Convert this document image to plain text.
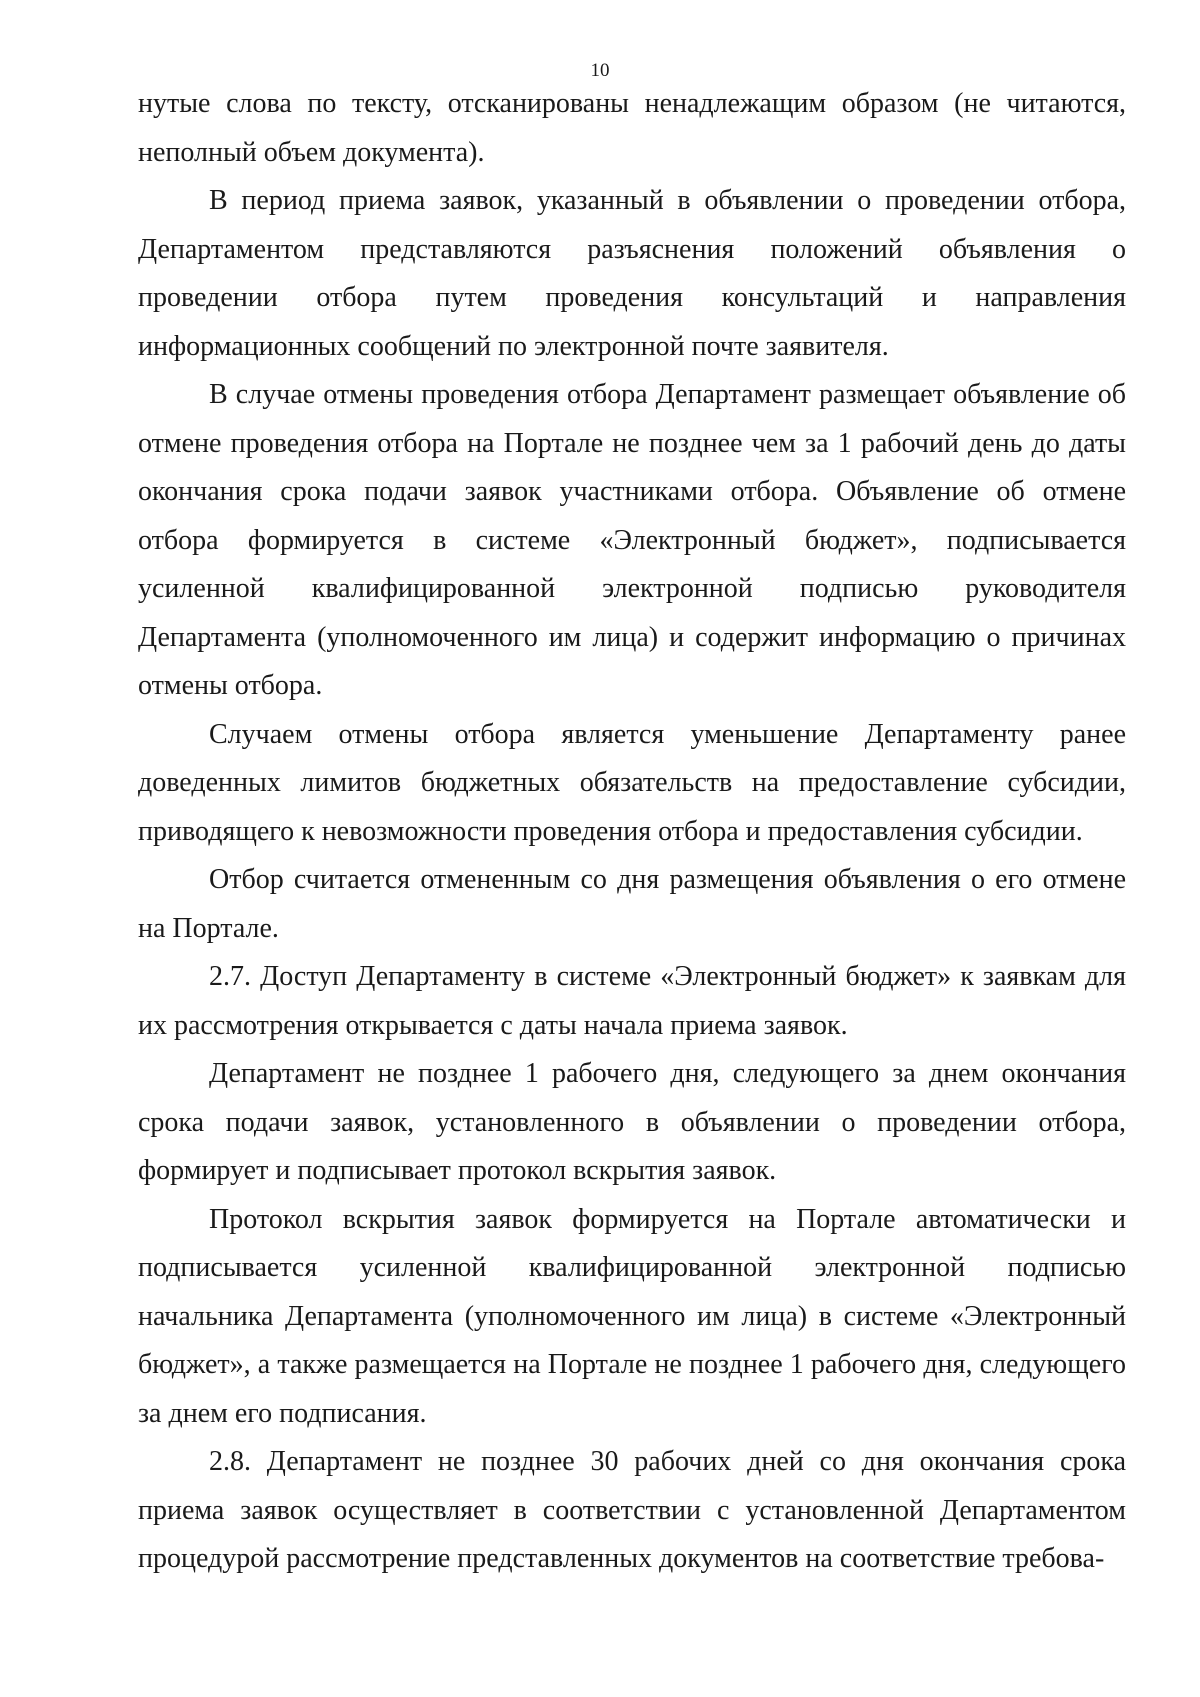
10

нутые слова по тексту, отсканированы ненадлежащим образом (не читаются, неполный объем документа).

В период приема заявок, указанный в объявлении о проведении отбора, Департаментом представляются разъяснения положений объявления о проведении отбора путем проведения консультаций и направления информационных сообщений по электронной почте заявителя.

В случае отмены проведения отбора Департамент размещает объявление об отмене проведения отбора на Портале не позднее чем за 1 рабочий день до даты окончания срока подачи заявок участниками отбора. Объявление об отмене отбора формируется в системе «Электронный бюджет», подписывается усиленной квалифицированной электронной подписью руководителя Департамента (уполномоченного им лица) и содержит информацию о причинах отмены отбора.

Случаем отмены отбора является уменьшение Департаменту ранее доведенных лимитов бюджетных обязательств на предоставление субсидии, приводящего к невозможности проведения отбора и предоставления субсидии.

Отбор считается отмененным со дня размещения объявления о его отмене на Портале.

2.7. Доступ Департаменту в системе «Электронный бюджет» к заявкам для их рассмотрения открывается с даты начала приема заявок.

Департамент не позднее 1 рабочего дня, следующего за днем окончания срока подачи заявок, установленного в объявлении о проведении отбора, формирует и подписывает протокол вскрытия заявок.

Протокол вскрытия заявок формируется на Портале автоматически и подписывается усиленной квалифицированной электронной подписью начальника Департамента (уполномоченного им лица) в системе «Электронный бюджет», а также размещается на Портале не позднее 1 рабочего дня, следующего за днем его подписания.

2.8. Департамент не позднее 30 рабочих дней со дня окончания срока приема заявок осуществляет в соответствии с установленной Департаментом процедурой рассмотрение представленных документов на соответствие требова-
